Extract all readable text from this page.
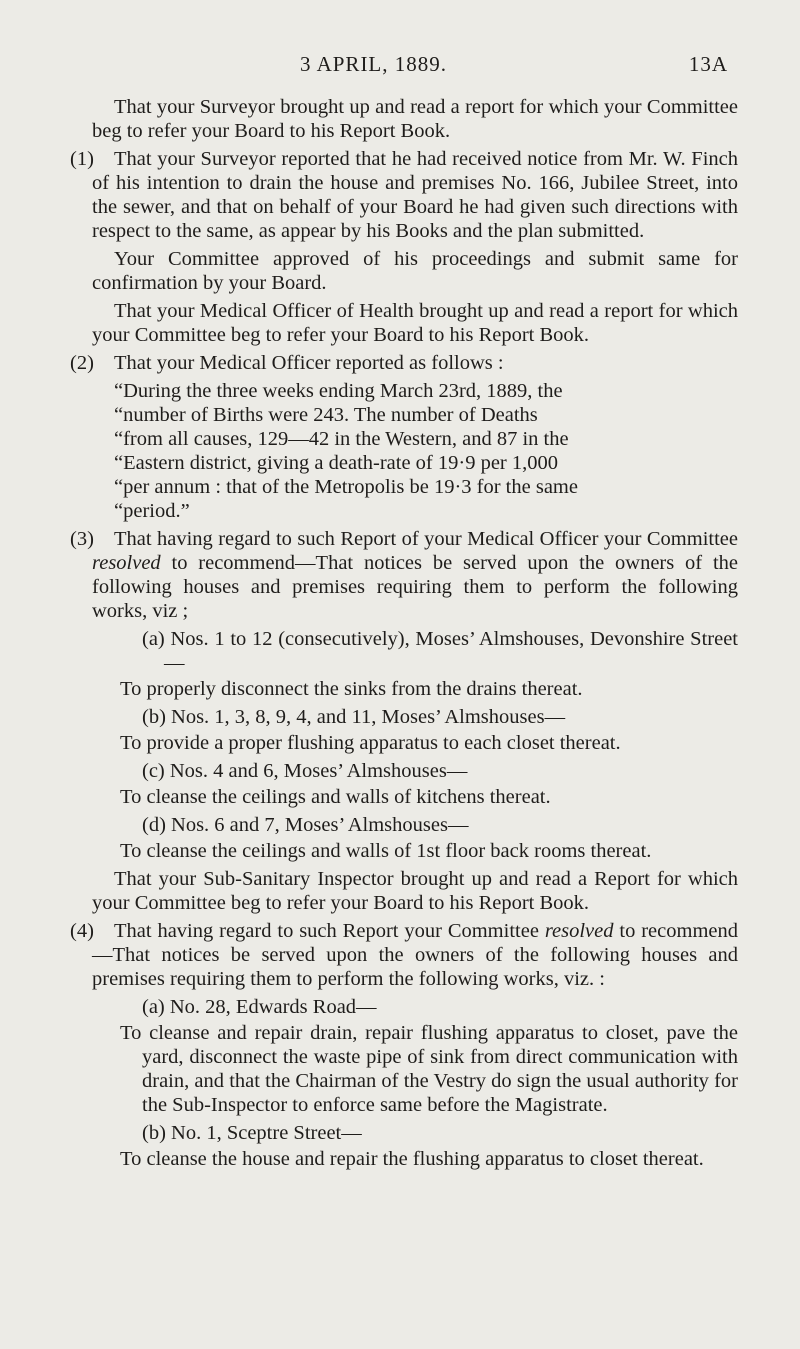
3 APRIL, 1889.	13A

That your Surveyor brought up and read a report for which your Committee beg to refer your Board to his Report Book.

(1) That your Surveyor reported that he had received notice from Mr. W. Finch of his intention to drain the house and premises No. 166, Jubilee Street, into the sewer, and that on behalf of your Board he had given such directions with respect to the same, as appear by his Books and the plan submitted.

Your Committee approved of his proceedings and submit same for confirmation by your Board.

That your Medical Officer of Health brought up and read a report for which your Committee beg to refer your Board to his Report Book.

(2) That your Medical Officer reported as follows :

“During the three weeks ending March 23rd, 1889, the

“number of Births were 243. The number of Deaths

“from all causes, 129—42 in the Western, and 87 in the

“Eastern district, giving a death-rate of 19·9 per 1,000

“per annum : that of the Metropolis be 19·3 for the same

“period.”

(3) That having regard to such Report of your Medical Officer your Committee resolved to recommend—That notices be served upon the owners of the following houses and premises requiring them to perform the following works, viz ;

(a) Nos. 1 to 12 (consecutively), Moses’ Almshouses, Devonshire Street—

To properly disconnect the sinks from the drains thereat.

(b) Nos. 1, 3, 8, 9, 4, and 11, Moses’ Almshouses—

To provide a proper flushing apparatus to each closet thereat.

(c) Nos. 4 and 6, Moses’ Almshouses—

To cleanse the ceilings and walls of kitchens thereat.

(d) Nos. 6 and 7, Moses’ Almshouses—

To cleanse the ceilings and walls of 1st floor back rooms thereat.

That your Sub-Sanitary Inspector brought up and read a Report for which your Committee beg to refer your Board to his Report Book.

(4) That having regard to such Report your Committee resolved to recommend—That notices be served upon the owners of the following houses and premises requiring them to perform the following works, viz. :

(a) No. 28, Edwards Road—

To cleanse and repair drain, repair flushing apparatus to closet, pave the yard, disconnect the waste pipe of sink from direct communication with drain, and that the Chairman of the Vestry do sign the usual authority for the Sub-Inspector to enforce same before the Magistrate.

(b) No. 1, Sceptre Street—

To cleanse the house and repair the flushing apparatus to closet thereat.
